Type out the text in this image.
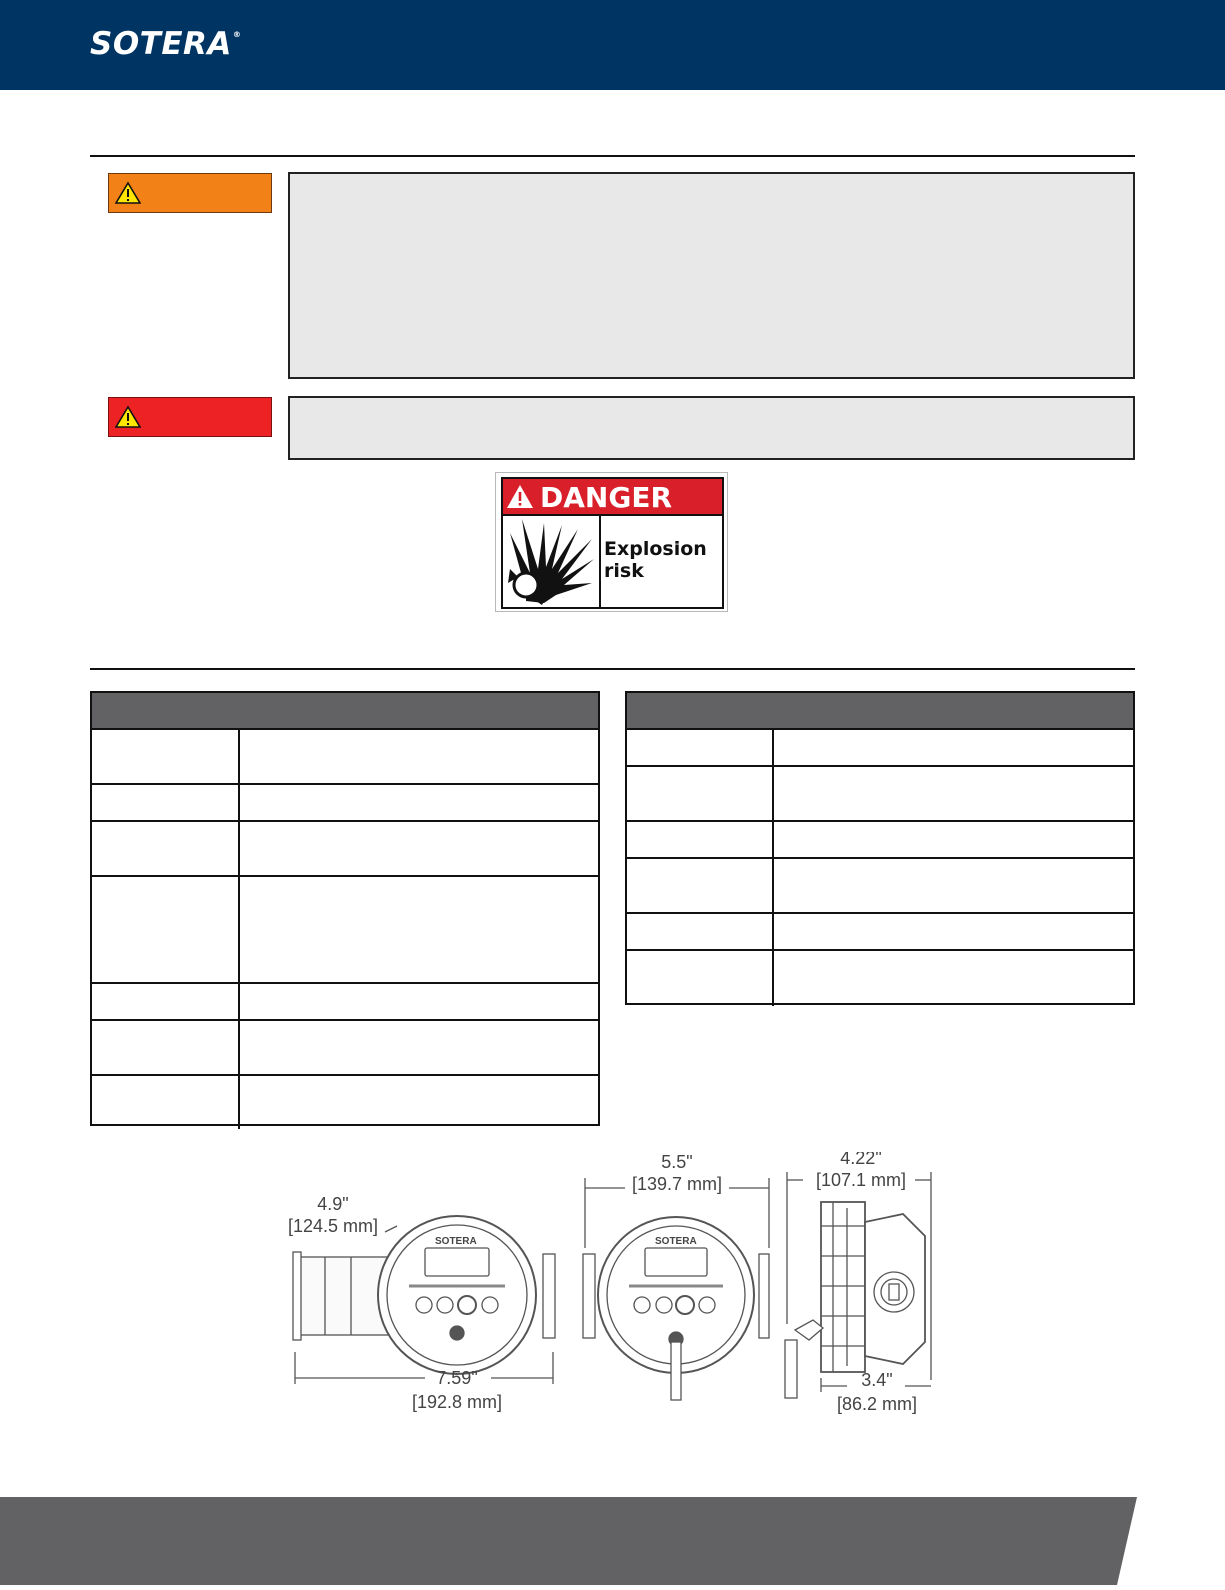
SOTERA®
DANGER
Explosion
risk
SOTERA	SOTERA
4.9"
[124.5 mm]
7.59"
[192.8 mm]
5.5"
[139.7 mm]
4.22"
[107.1 mm]
3.4"
[86.2 mm]
